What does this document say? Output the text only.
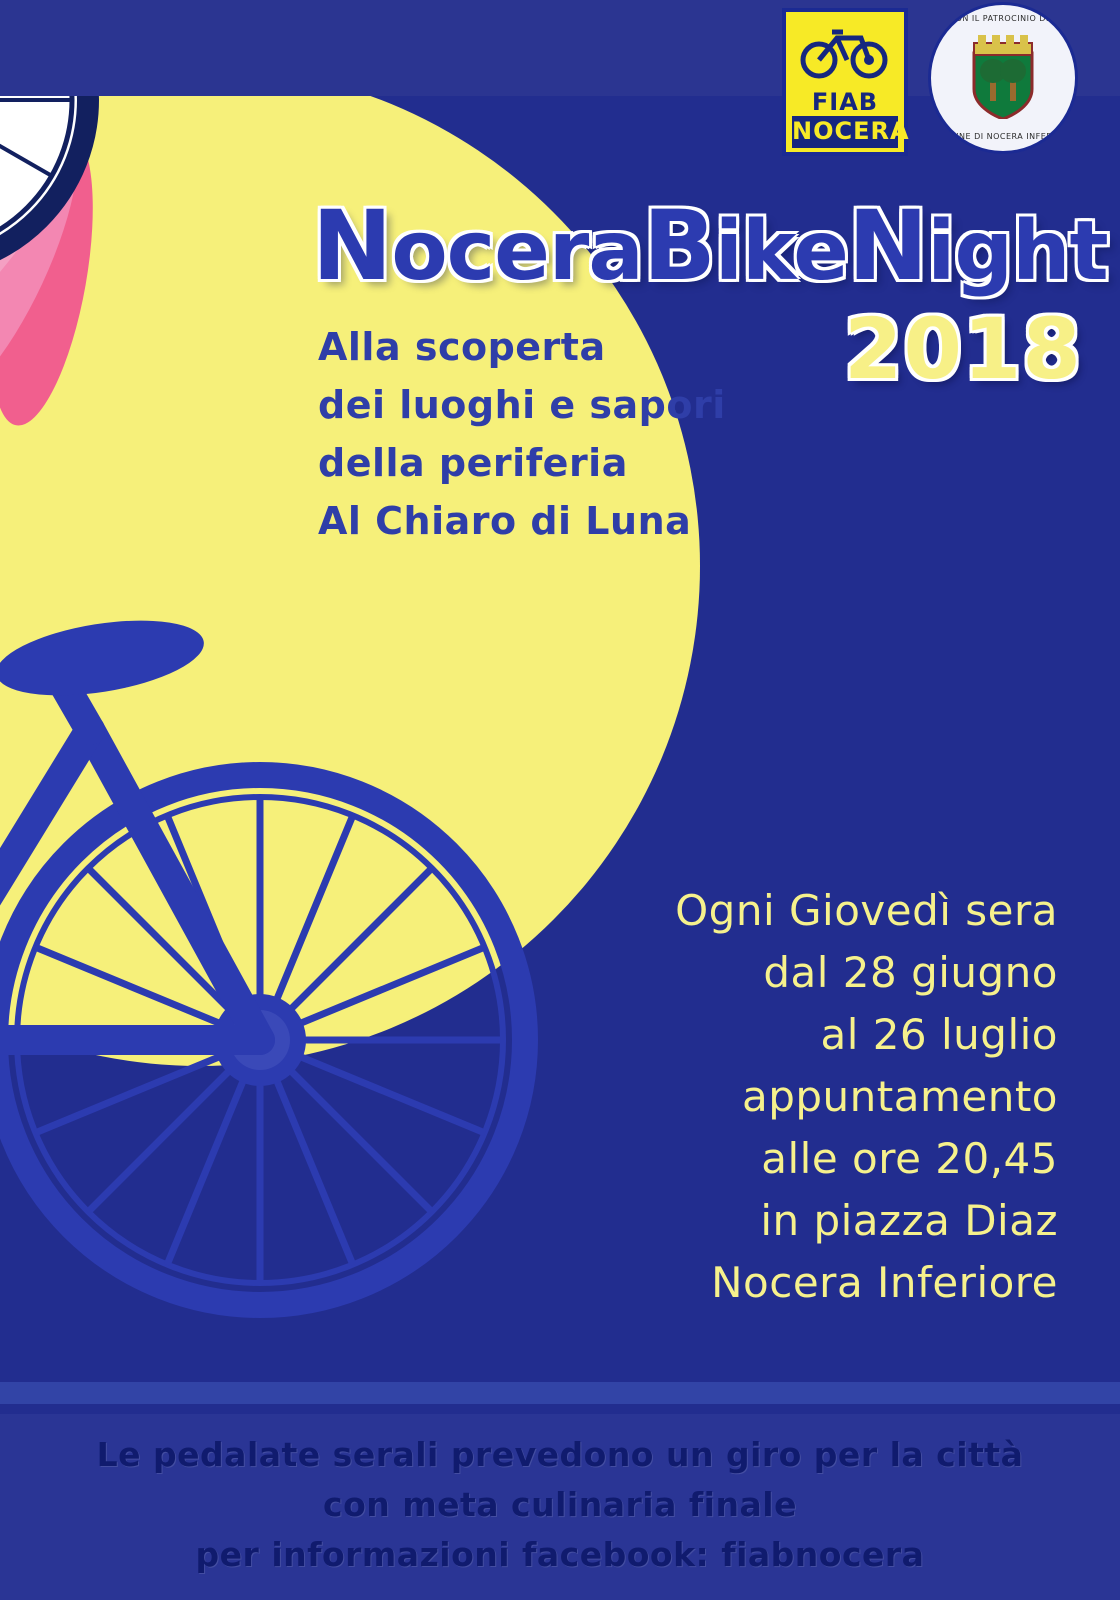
FIAB
NOCERA
CON IL PATROCINIO DEL
COMUNE DI NOCERA INFERIORE
NoceraBikeNight
2018
Alla scoperta
dei luoghi e sapori
della periferia
Al Chiaro di Luna
Ogni Giovedì sera
dal 28 giugno
al 26 luglio
appuntamento
alle ore 20,45
in piazza Diaz
Nocera Inferiore

Le pedalate serali prevedono un giro per la città

con meta culinaria finale

per informazioni facebook: fiabnocera
